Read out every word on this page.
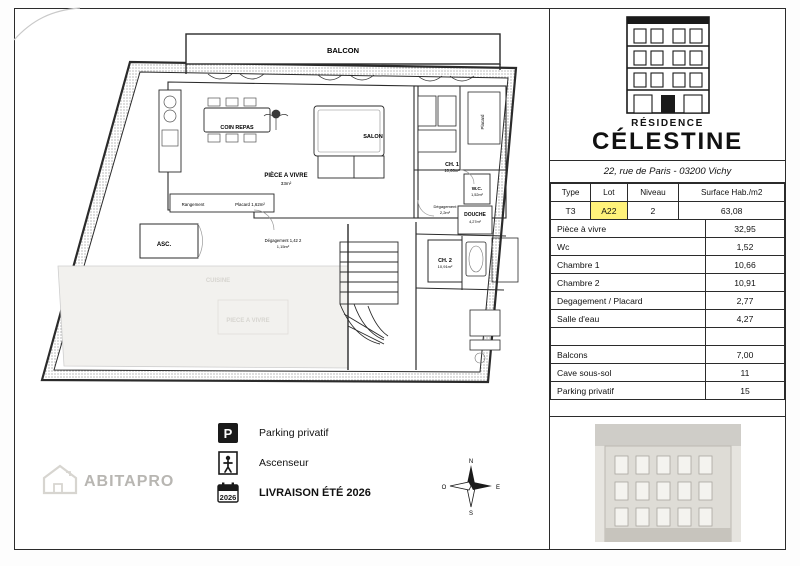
BALCON
COIN REPAS
SALON
PIÈCE A VIVRE
33m²
CH. 1
10,66m²
Placard
W.C.
1,52m²
DOUCHE
4,27m²
CH. 2
10,91m²
Dégagement
2,2m²
Dégagement 1,42 2
1,15m²
Rangement	Placard 1,62m²
ASC.
CUISINE
PIECE A VIVRE
P	Parking privatif
Ascenseur
2026 LIVRAISON ÉTÉ 2026
ABITAPRO
N
S
O	E
RÉSIDENCE
CÉLESTINE
22, rue de Paris - 03200 Vichy
Type	Lot	Niveau	Surface Hab./m2
T3	A22	2	63,08
Pièce à vivre	32,95
Wc	1,52
Chambre 1	10,66
Chambre 2	10,91
Degagement / Placard	2,77
Salle d'eau	4,27

Balcons	7,00
Cave sous-sol	11
Parking privatif	15
